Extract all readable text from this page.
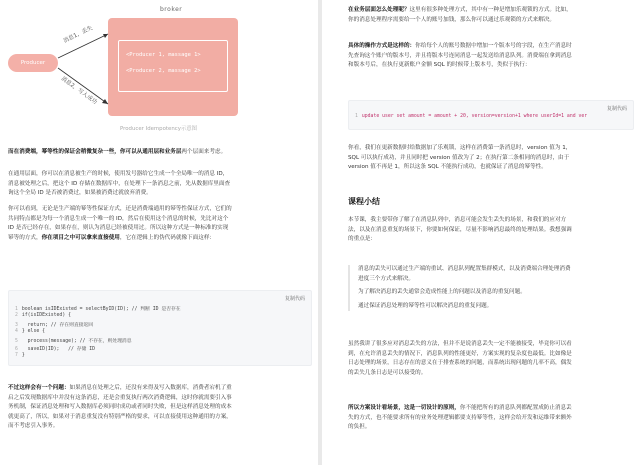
broker
<Producer 1, massage 1>
<Producer 2, massage 2>
Producer
消息1，丢失
消息2，写入成功
Producer Idempotency示意图
而在消费端，幂等性的保证会稍微复杂一些，你可以从通用层和业务层两个层面来考虑。
在通用层面，你可以在消息被生产的时候，使用发号器给它生成一个全局唯一的消息 ID，
消息被处理之后，把这个 ID 存储在数据库中，在处理下一条消息之前，先从数据库里面查
询这个全局 ID 是否被消费过，如果被消费过就放弃消费。
你可以看到，无论是生产端的幂等性保证方式，还是消费端通用的幂等性保证方式，它们的
共同特点都是为每一个消息生成一个唯一的 ID，然后在使用这个消息的时候，先比对这个
ID 是否已经存在，如果存在，则认为消息已经被使用过。所以这种方式是一种标准的实现
幂等的方式，你在项目之中可以拿来直接使用，它在逻辑上的伪代码就像下面这样：
复制代码
1 boolean isIDExisted = selectByID(ID); // 判断 ID 是否存在
2 if(isIDExisted) {
3  return; // 存在则直接返回
4 } else {
5  process(message); // 不存在，则处理消息
6  saveID(ID);   // 存储 ID
7 }
不过这样会有一个问题：如果消息在处理之后，还没有来得及写入数据库，消费者宕机了重
启之后发现数据库中并没有这条消息，还是会重复执行两次消费逻辑，这时你就需要引入事
务机制，保证消息处理和写入数据库必须同时成功或者同时失败，但是这样消息处理的成本
就更高了，所以，如果对于消息重复没有特别严格的要求，可以直接使用这种通用的方案，
而不考虑引入事务。
在业务层面怎么处理呢？这里有很多种处理方式，其中有一种是增加乐观锁的方式。比如，
你的消息处理程序需要给一个人的账号加钱，那么你可以通过乐观锁的方式来解决。
具体的操作方式是这样的：你给每个人的账号数据中增加一个版本号的字段，在生产消息时
先查询这个账户的版本号，并且将版本号连同消息一起发送给消息队列。消费端在拿到消息
和版本号后，在执行更新账户金额 SQL 的时候带上版本号，类似于执行：
复制代码
1 update user set amount = amount + 20, version=version+1 where userId=1 and ver
你看，我们在更新数据时给数据加了乐观锁，这样在消费第一条消息时，version 值为 1，
SQL 可以执行成功，并且同时把 version 值改为了 2；在执行第二条相同的消息时，由于
version 值不再是 1，所以这条 SQL 不能执行成功，也就保证了消息的幂等性。
课程小结
本节课，我主要带你了解了在消息队列中，消息可能会发生丢失的场景，和我们的应对方
法，以及在消息重复的场景下，你要如何保证，尽量不影响消息最终的处理结果。我想强调
的重点是：
消息的丢失可以通过生产端的重试、消息队列配置集群模式，以及消费端合理处理消费
进度三个方式来解决。
为了解决消息的丢失通常会造成性能上的问题以及消息的重复问题。
通过保证消息处理的幂等性可以解决消息的重复问题。
虽然我讲了很多应对消息丢失的方法，但并不是说消息丢失一定不能被接受，毕竟你可以看
到，在允许消息丢失的情况下，消息队列的性能更好，方案实现的复杂度也最低。比如像是
日志处理的场景，日志存在的意义在于排查系统的问题，而系统出现问题的几率不高，偶发
的丢失几条日志是可以接受的。
所以方案设计看场景，这是一切设计的原则，你不能把所有的消息队列都配置成防止消息丢
失的方式，也不能要求所有的业务处理逻辑都要支持幂等性，这样会给开发和运维带来额外
的负担。
